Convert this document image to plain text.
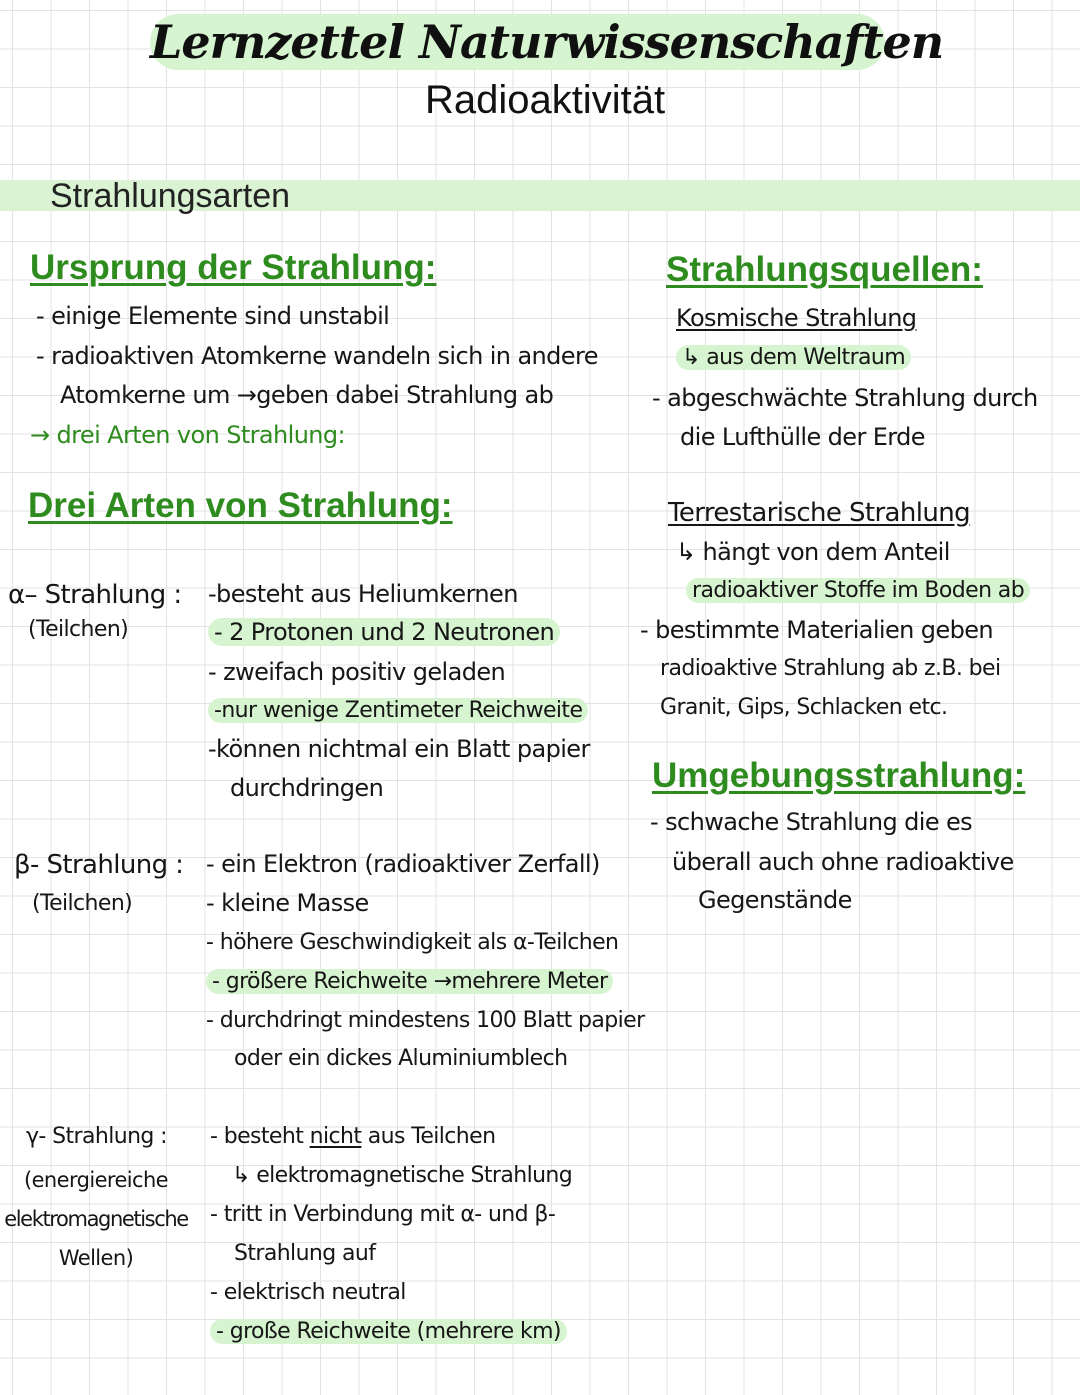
Lernzettel Naturwissenschaften
Radioaktivität
Strahlungsarten
Ursprung der Strahlung:
- einige Elemente sind unstabil
- radioaktiven Atomkerne wandeln sich in andere
Atomkerne um →geben dabei Strahlung ab
→ drei Arten von Strahlung:
Drei Arten von Strahlung:
α– Strahlung :
(Teilchen)
-besteht aus Heliumkernen
- 2 Protonen und 2 Neutronen
- zweifach positiv geladen
-nur wenige Zentimeter Reichweite
-können nichtmal ein Blatt papier
durchdringen
β- Strahlung :
(Teilchen)
- ein Elektron (radioaktiver Zerfall)
- kleine Masse
- höhere Geschwindigkeit als α-Teilchen
- größere Reichweite →mehrere Meter
- durchdringt mindestens 100 Blatt papier
oder ein dickes Aluminiumblech
γ- Strahlung :
(energiereiche
elektromagnetische
Wellen)
- besteht nicht aus Teilchen
↳ elektromagnetische Strahlung
- tritt in Verbindung mit α- und β-
Strahlung auf
- elektrisch neutral
- große Reichweite (mehrere km)
Strahlungsquellen:
Kosmische Strahlung
↳ aus dem Weltraum
- abgeschwächte Strahlung durch
die Lufthülle der Erde
Terrestarische Strahlung
↳ hängt von dem Anteil
radioaktiver Stoffe im Boden ab
- bestimmte Materialien geben
radioaktive Strahlung ab z.B. bei
Granit, Gips, Schlacken etc.
Umgebungsstrahlung:
- schwache Strahlung die es
überall auch ohne radioaktive
Gegenstände
